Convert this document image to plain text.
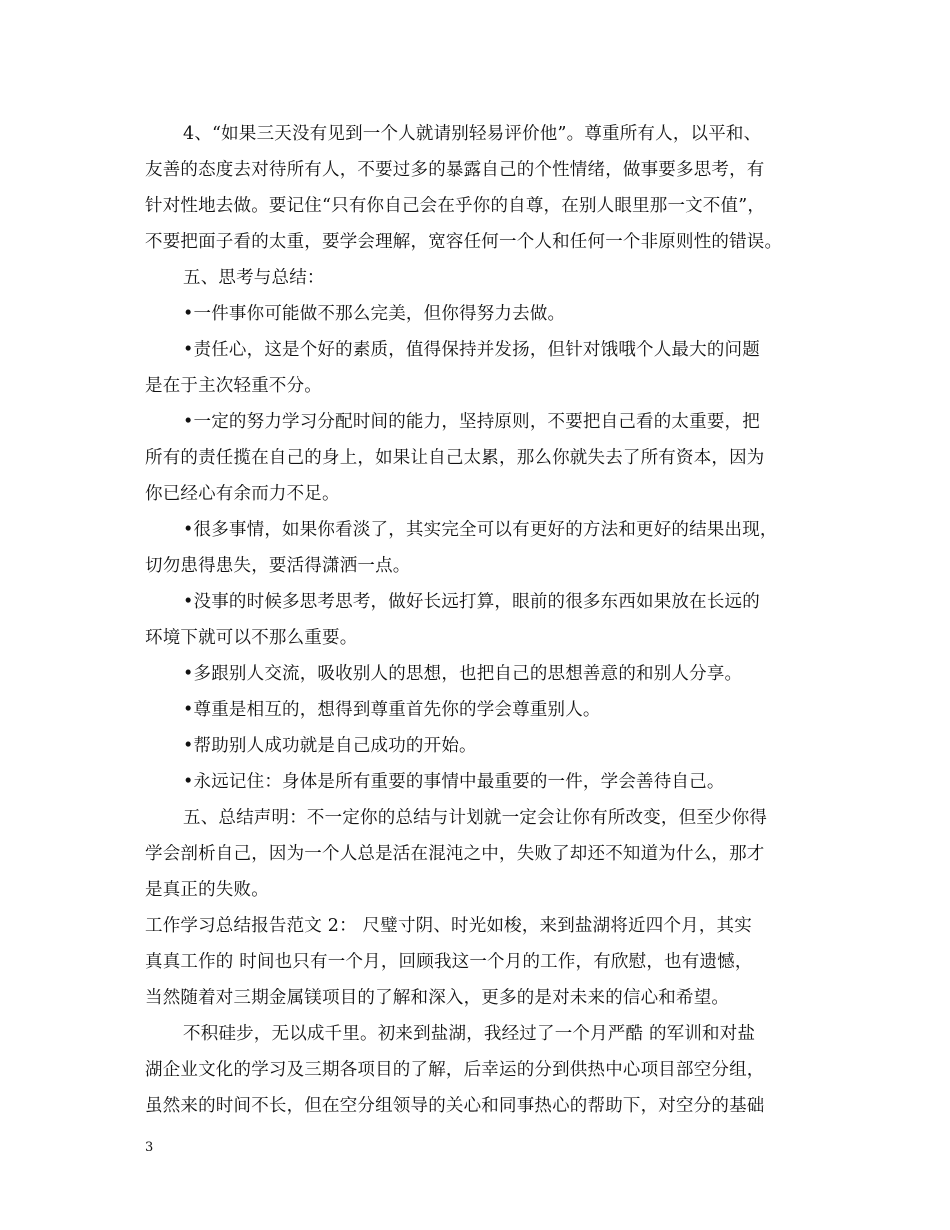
4、“如果三天没有见到一个人就请别轻易评价他”。尊重所有人，以平和、
友善的态度去对待所有人，不要过多的暴露自己的个性情绪，做事要多思考，有
针对性地去做。要记住“只有你自己会在乎你的自尊，在别人眼里那一文不值”，
不要把面子看的太重，要学会理解，宽容任何一个人和任何一个非原则性的错误。
五、思考与总结：
•一件事你可能做不那么完美，但你得努力去做。
•责任心，这是个好的素质，值得保持并发扬，但针对饿哦个人最大的问题
是在于主次轻重不分。
•一定的努力学习分配时间的能力，坚持原则，不要把自己看的太重要，把
所有的责任揽在自己的身上，如果让自己太累，那么你就失去了所有资本，因为
你已经心有余而力不足。
•很多事情，如果你看淡了，其实完全可以有更好的方法和更好的结果出现，
切勿患得患失，要活得潇洒一点。
•没事的时候多思考思考，做好长远打算，眼前的很多东西如果放在长远的
环境下就可以不那么重要。
•多跟别人交流，吸收别人的思想，也把自己的思想善意的和别人分享。
•尊重是相互的，想得到尊重首先你的学会尊重别人。
•帮助别人成功就是自己成功的开始。
•永远记住：身体是所有重要的事情中最重要的一件，学会善待自己。
五、总结声明：不一定你的总结与计划就一定会让你有所改变，但至少你得
学会剖析自己，因为一个人总是活在混沌之中，失败了却还不知道为什么，那才
是真正的失败。
工作学习总结报告范文 2： 尺璧寸阴、时光如梭，来到盐湖将近四个月，其实
真真工作的 时间也只有一个月，回顾我这一个月的工作，有欣慰，也有遗憾，
当然随着对三期金属镁项目的了解和深入，更多的是对未来的信心和希望。
不积硅步，无以成千里。初来到盐湖，我经过了一个月严酷 的军训和对盐
湖企业文化的学习及三期各项目的了解，后幸运的分到供热中心项目部空分组，
虽然来的时间不长，但在空分组领导的关心和同事热心的帮助下，对空分的基础
3
